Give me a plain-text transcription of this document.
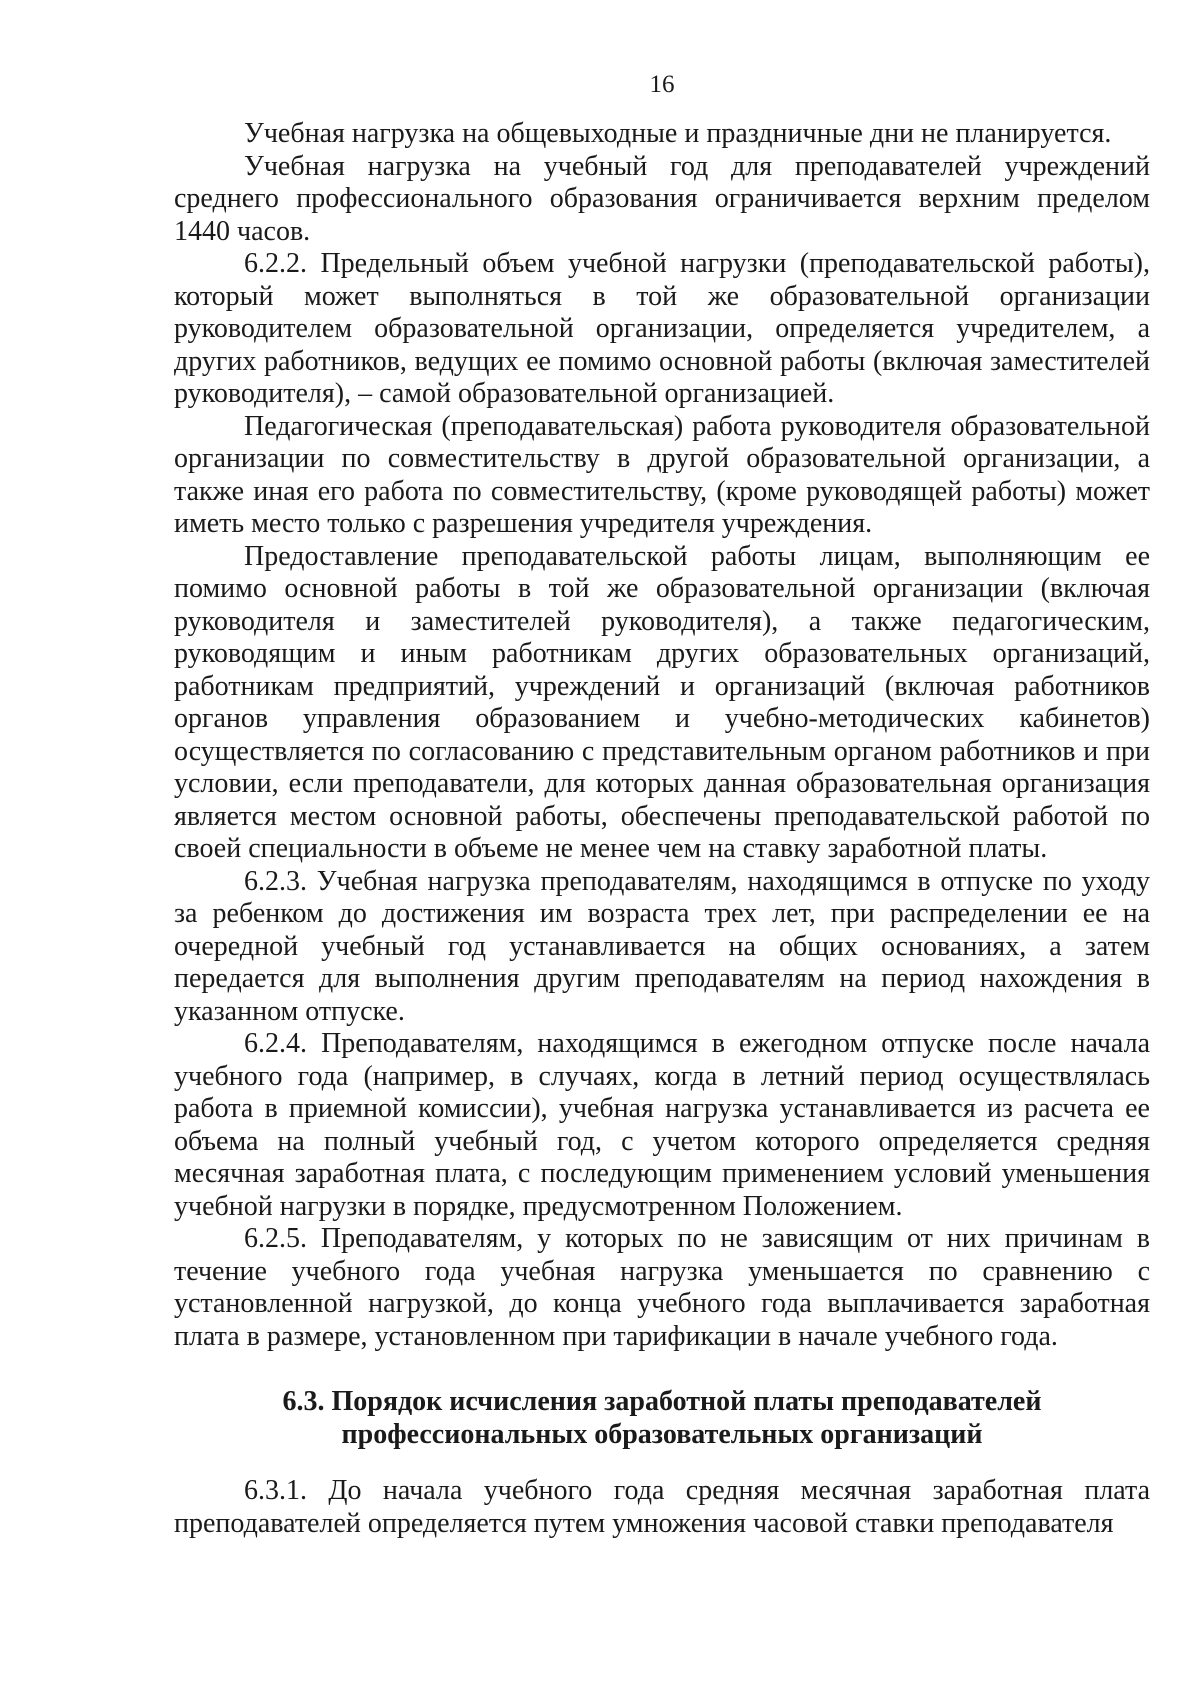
16

Учебная нагрузка на общевыходные и праздничные дни не планируется.

Учебная нагрузка на учебный год для преподавателей учреждений среднего профессионального образования ограничивается верхним пределом 1440 часов.

6.2.2. Предельный объем учебной нагрузки (преподавательской работы), который может выполняться в той же образовательной организации руководителем образовательной организации, определяется учредителем, а других работников, ведущих ее помимо основной работы (включая заместителей руководителя), – самой образовательной организацией.

Педагогическая (преподавательская) работа руководителя образовательной организации по совместительству в другой образовательной организации, а также иная его работа по совместительству, (кроме руководящей работы) может иметь место только с разрешения учредителя учреждения.

Предоставление преподавательской работы лицам, выполняющим ее помимо основной работы в той же образовательной организации (включая руководителя и заместителей руководителя), а также педагогическим, руководящим и иным работникам других образовательных организаций, работникам предприятий, учреждений и организаций (включая работников органов управления образованием и учебно-методических кабинетов) осуществляется по согласованию с представительным органом работников и при условии, если преподаватели, для которых данная образовательная организация является местом основной работы, обеспечены преподавательской работой по своей специальности в объеме не менее чем на ставку заработной платы.

6.2.3. Учебная нагрузка преподавателям, находящимся в отпуске по уходу за ребенком до достижения им возраста трех лет, при распределении ее на очередной учебный год устанавливается на общих основаниях, а затем передается для выполнения другим преподавателям на период нахождения в указанном отпуске.

6.2.4. Преподавателям, находящимся в ежегодном отпуске после начала учебного года (например, в случаях, когда в летний период осуществлялась работа в приемной комиссии), учебная нагрузка устанавливается из расчета ее объема на полный учебный год, с учетом которого определяется средняя месячная заработная плата, с последующим применением условий уменьшения учебной нагрузки в порядке, предусмотренном Положением.

6.2.5. Преподавателям, у которых по не зависящим от них причинам в течение учебного года учебная нагрузка уменьшается по сравнению с установленной нагрузкой, до конца учебного года выплачивается заработная плата в размере, установленном при тарификации в начале учебного года.

6.3. Порядок исчисления заработной платы преподавателей
профессиональных образовательных организаций

6.3.1. До начала учебного года средняя месячная заработная плата преподавателей определяется путем умножения часовой ставки преподавателя
